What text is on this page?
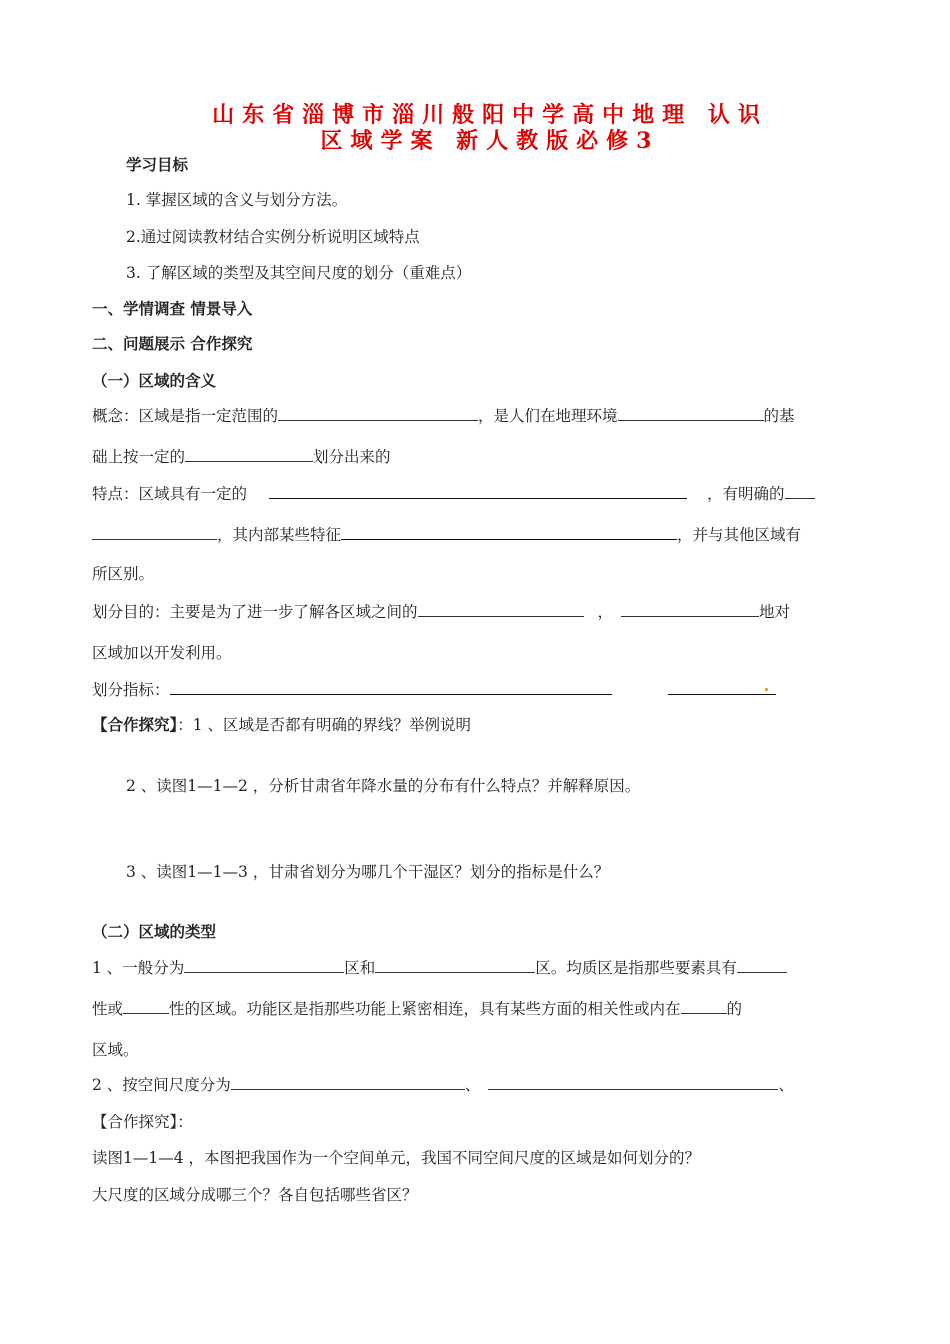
山东省淄博市淄川般阳中学高中地理 认识
区域学案 新人教版必修3
学习目标
1. 掌握区域的含义与划分方法。
2.通过阅读教材结合实例分析说明区域特点
3. 了解区域的类型及其空间尺度的划分（重难点）
一、学情调查 情景导入
二、问题展示 合作探究
（一）区域的含义
概念：区域是指一定范围的	，是人们在地理环境	的基
础上按一定的	划分出来的
特点：区域具有一定的	，有明确的
，其内部某些特征	，并与其他区域有
所区别。
划分目的：主要是为了进一步了解各区域之间的	，	地对
区域加以开发利用。
划分指标：
【合作探究】：1 、区域是否都有明确的界线？举例说明
2 、读图1—1—2 ，分析甘肃省年降水量的分布有什么特点？并解释原因。
3 、读图1—1—3 ，甘肃省划分为哪几个干湿区？划分的指标是什么？
（二）区域的类型
1 、一般分为	区和	区。均质区是指那些要素具有
性或	性的区域。功能区是指那些功能上紧密相连，具有某些方面的相关性或内在	的
区域。
2 、按空间尺度分为	、	、
【合作探究】：
读图1—1—4 ，本图把我国作为一个空间单元，我国不同空间尺度的区域是如何划分的？
大尺度的区域分成哪三个？各自包括哪些省区？
